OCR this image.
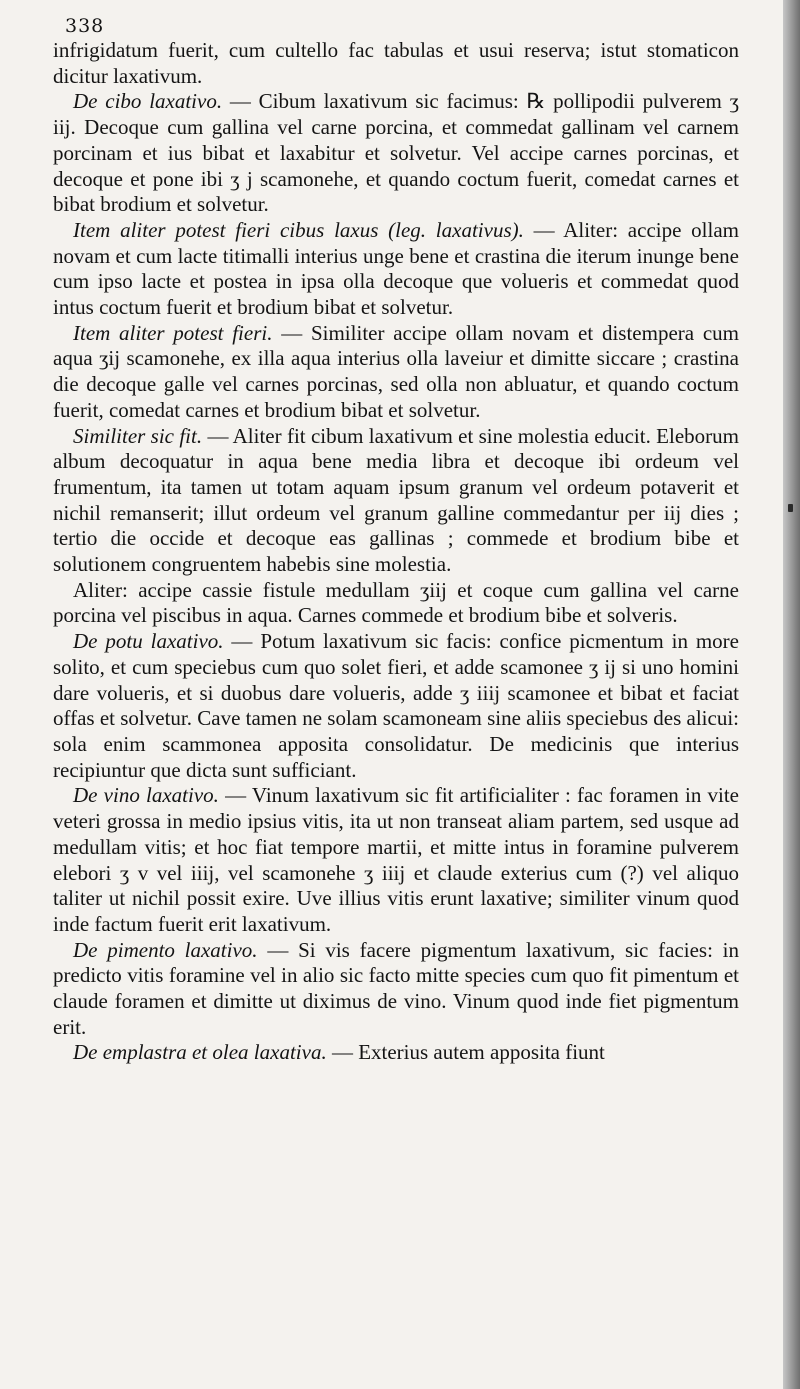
338

infrigidatum fuerit, cum cultello fac tabulas et usui reserva; istut stomaticon dicitur laxativum.

De cibo laxativo. — Cibum laxativum sic facimus: ℞ pollipodii pulverem ʒ iij. Decoque cum gallina vel carne porcina, et commedat gallinam vel carnem porcinam et ius bibat et laxabitur et solvetur. Vel accipe carnes porcinas, et decoque et pone ibi ʒ j scamonehe, et quando coctum fuerit, comedat carnes et bibat brodium et solvetur.

Item aliter potest fieri cibus laxus (leg. laxativus). — Aliter: accipe ollam novam et cum lacte titimalli interius unge bene et crastina die iterum inunge bene cum ipso lacte et postea in ipsa olla decoque que volueris et commedat quod intus coctum fuerit et brodium bibat et solvetur.

Item aliter potest fieri. — Similiter accipe ollam novam et distempera cum aqua ʒij scamonehe, ex illa aqua interius olla laveiur et dimitte siccare ; crastina die decoque galle vel carnes porcinas, sed olla non abluatur, et quando coctum fuerit, comedat carnes et brodium bibat et solvetur.

Similiter sic fit. — Aliter fit cibum laxativum et sine molestia educit. Eleborum album decoquatur in aqua bene media libra et decoque ibi ordeum vel frumentum, ita tamen ut totam aquam ipsum granum vel ordeum potaverit et nichil remanserit; illut ordeum vel granum galline commedantur per iij dies ; tertio die occide et decoque eas gallinas ; commede et brodium bibe et solutionem congruentem habebis sine molestia.

Aliter: accipe cassie fistule medullam ʒiij et coque cum gallina vel carne porcina vel piscibus in aqua. Carnes commede et brodium bibe et solveris.

De potu laxativo. — Potum laxativum sic facis: confice picmentum in more solito, et cum speciebus cum quo solet fieri, et adde scamonee ʒ ij si uno homini dare volueris, et si duobus dare volueris, adde ʒ iiij scamonee et bibat et faciat offas et solvetur. Cave tamen ne solam scamoneam sine aliis speciebus des alicui: sola enim scammonea apposita consolidatur. De medicinis que interius recipiuntur que dicta sunt sufficiant.

De vino laxativo. — Vinum laxativum sic fit artificialiter : fac foramen in vite veteri grossa in medio ipsius vitis, ita ut non transeat aliam partem, sed usque ad medullam vitis; et hoc fiat tempore martii, et mitte intus in foramine pulverem elebori ʒ v vel iiij, vel scamonehe ʒ iiij et claude exterius cum (?) vel aliquo taliter ut nichil possit exire. Uve illius vitis erunt laxative; similiter vinum quod inde factum fuerit erit laxativum.

De pimento laxativo. — Si vis facere pigmentum laxativum, sic facies: in predicto vitis foramine vel in alio sic facto mitte species cum quo fit pimentum et claude foramen et dimitte ut diximus de vino. Vinum quod inde fiet pigmentum erit.

De emplastra et olea laxativa. — Exterius autem apposita fiunt
